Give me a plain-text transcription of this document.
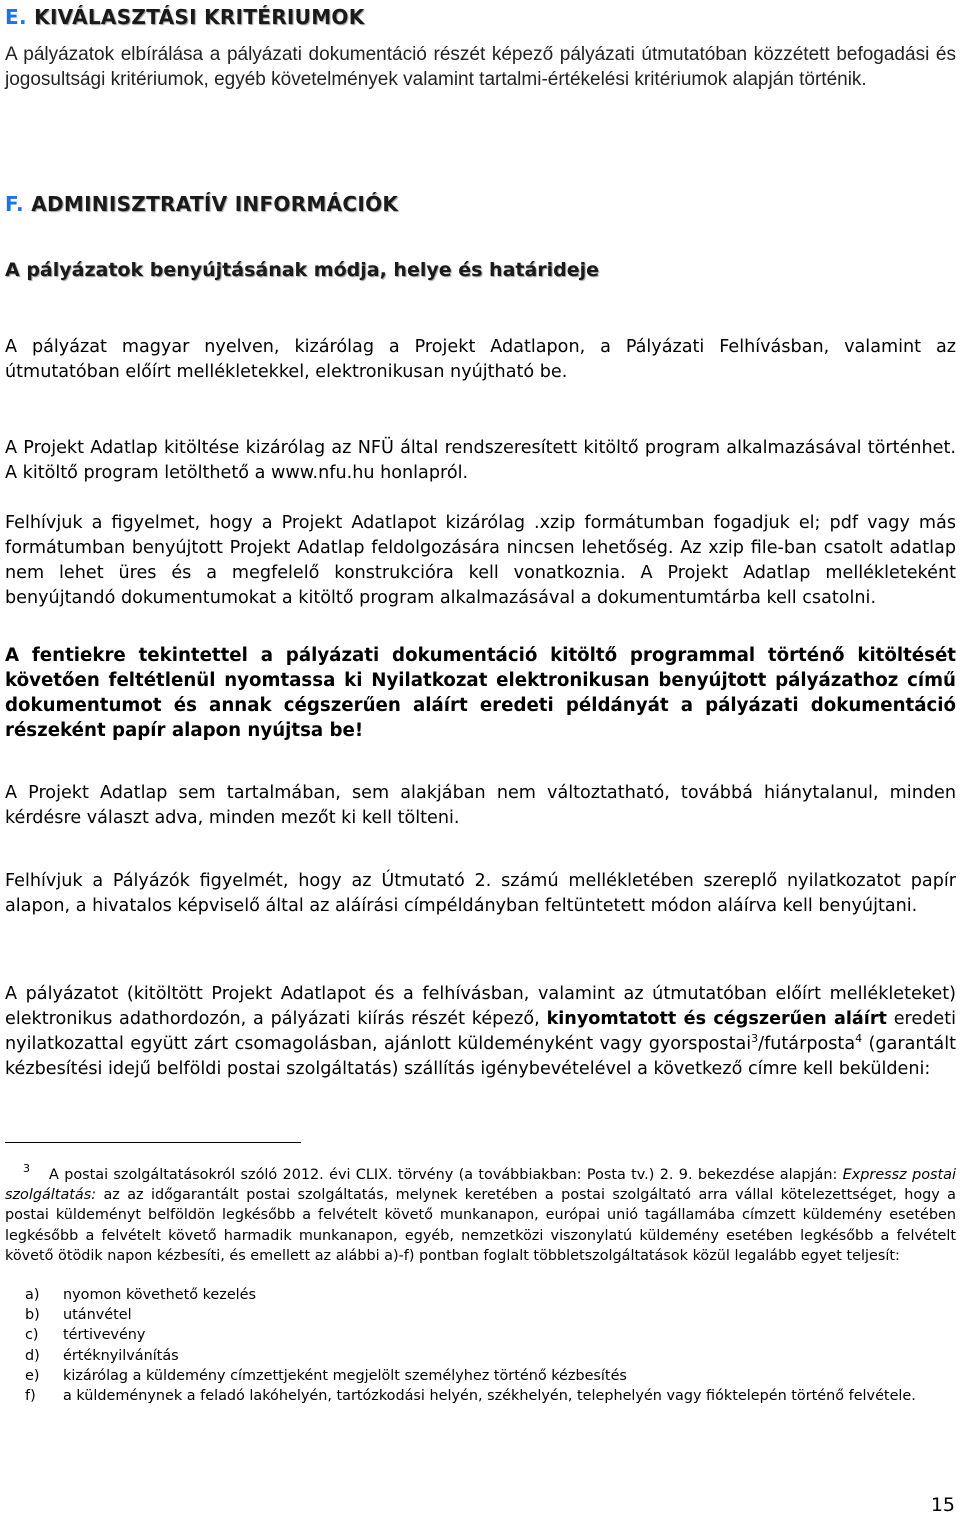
E. KIVÁLASZTÁSI KRITÉRIUMOK
A pályázatok elbírálása a pályázati dokumentáció részét képező pályázati útmutatóban közzétett befogadási és jogosultsági kritériumok, egyéb követelmények valamint tartalmi-értékelési kritériumok alapján történik.
F. ADMINISZTRATÍV INFORMÁCIÓK
A pályázatok benyújtásának módja, helye és határideje
A pályázat magyar nyelven, kizárólag a Projekt Adatlapon, a Pályázati Felhívásban, valamint az útmutatóban előírt mellékletekkel, elektronikusan nyújtható be.
A Projekt Adatlap kitöltése kizárólag az NFÜ által rendszeresített kitöltő program alkalmazásával történhet. A kitöltő program letölthető a www.nfu.hu honlapról.
Felhívjuk a figyelmet, hogy a Projekt Adatlapot kizárólag .xzip formátumban fogadjuk el; pdf vagy más formátumban benyújtott Projekt Adatlap feldolgozására nincsen lehetőség. Az xzip file-ban csatolt adatlap nem lehet üres és a megfelelő konstrukcióra kell vonatkoznia. A Projekt Adatlap mellékleteként benyújtandó dokumentumokat a kitöltő program alkalmazásával a dokumentumtárba kell csatolni.
A fentiekre tekintettel a pályázati dokumentáció kitöltő programmal történő kitöltését követően feltétlenül nyomtassa ki Nyilatkozat elektronikusan benyújtott pályázathoz című dokumentumot és annak cégszerűen aláírt eredeti példányát a pályázati dokumentáció részeként papír alapon nyújtsa be!
A Projekt Adatlap sem tartalmában, sem alakjában nem változtatható, továbbá hiánytalanul, minden kérdésre választ adva, minden mezőt ki kell tölteni.
Felhívjuk a Pályázók figyelmét, hogy az Útmutató 2. számú mellékletében szereplő nyilatkozatot papír alapon, a hivatalos képviselő által az aláírási címpéldányban feltüntetett módon aláírva kell benyújtani.
A pályázatot (kitöltött Projekt Adatlapot és a felhívásban, valamint az útmutatóban előírt mellékleteket) elektronikus adathordozón, a pályázati kiírás részét képező, kinyomtatott és cégszerűen aláírt eredeti nyilatkozattal együtt zárt csomagolásban, ajánlott küldeményként vagy gyorspostai$^3$/futárposta$^4$ (garantált kézbesítési idejű belföldi postai szolgáltatás) szállítás igénybevételével a következő címre kell beküldeni:
$^3$ A postai szolgáltatásokról szóló 2012. évi CLIX. törvény (a továbbiakban: Posta tv.) 2. 9. bekezdése alapján: Expressz postai szolgáltatás: az az időgarantált postai szolgáltatás, melynek keretében a postai szolgáltató arra vállal kötelezettséget, hogy a postai küldeményt belföldön legkésőbb a felvételt követő munkanapon, európai unió tagállamába címzett küldemény esetében legkésőbb a felvételt követő harmadik munkanapon, egyéb, nemzetközi viszonylatú küldemény esetében legkésőbb a felvételt követő ötödik napon kézbesíti, és emellett az alábbi a)-f) pontban foglalt többletszolgáltatások közül legalább egyet teljesít:
a) nyomon követhető kezelés
b) utánvétel
c) tértivevény
d) értéknyilvánítás
e) kizárólag a küldemény címzettjeként megjelölt személyhez történő kézbesítés
f) a küldeménynek a feladó lakóhelyén, tartózkodási helyén, székhelyén, telephelyén vagy fióktelepén történő felvétele.
15
